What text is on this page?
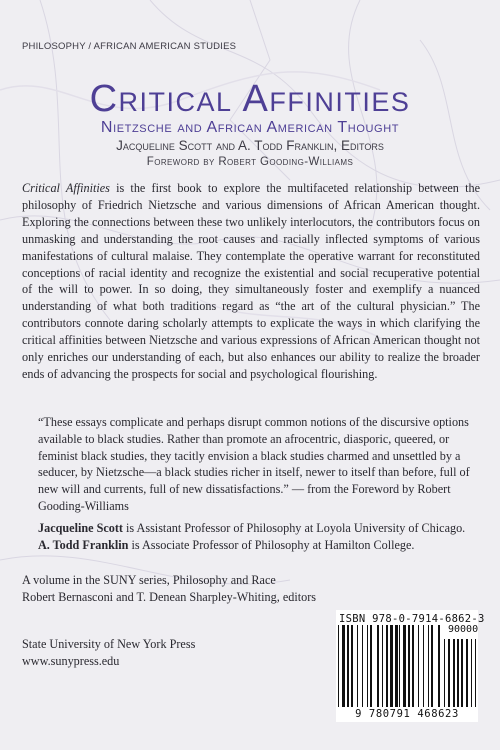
PHILOSOPHY / AFRICAN AMERICAN STUDIES
Critical Affinities
Nietzsche and African American Thought
Jacqueline Scott and A. Todd Franklin, Editors
Foreword by Robert Gooding-Williams

Critical Affinities is the first book to explore the multifaceted relationship between the philosophy of Friedrich Nietzsche and various dimensions of African American thought. Exploring the connections between these two unlikely interlocutors, the contributors focus on unmasking and understanding the root causes and racially inflected symptoms of various manifestations of cultural malaise. They contemplate the operative warrant for reconstituted conceptions of racial identity and recognize the existential and social recuperative potential of the will to power. In so doing, they simultaneously foster and exemplify a nuanced understanding of what both traditions regard as “the art of the cultural physician.” The contributors connote daring scholarly attempts to explicate the ways in which clarifying the critical affinities between Nietzsche and various expressions of African American thought not only enriches our understanding of each, but also enhances our ability to realize the broader ends of advancing the prospects for social and psychological flourishing.

“These essays complicate and perhaps disrupt common notions of the discursive options available to black studies. Rather than promote an afrocentric, diasporic, queered, or feminist black studies, they tacitly envision a black studies charmed and unsettled by a seducer, by Nietzsche—a black studies richer in itself, newer to itself than before, full of new will and currents, full of new dissatisfactions.” — from the Foreword by Robert Gooding-Williams

Jacqueline Scott is Assistant Professor of Philosophy at Loyola University of Chicago. A. Todd Franklin is Associate Professor of Philosophy at Hamilton College.

A volume in the SUNY series, Philosophy and Race
Robert Bernasconi and T. Denean Sharpley-Whiting, editors

State University of New York Press
www.sunypress.edu

ISBN 978-0-7914-6862-3
90000
9 780791 468623
